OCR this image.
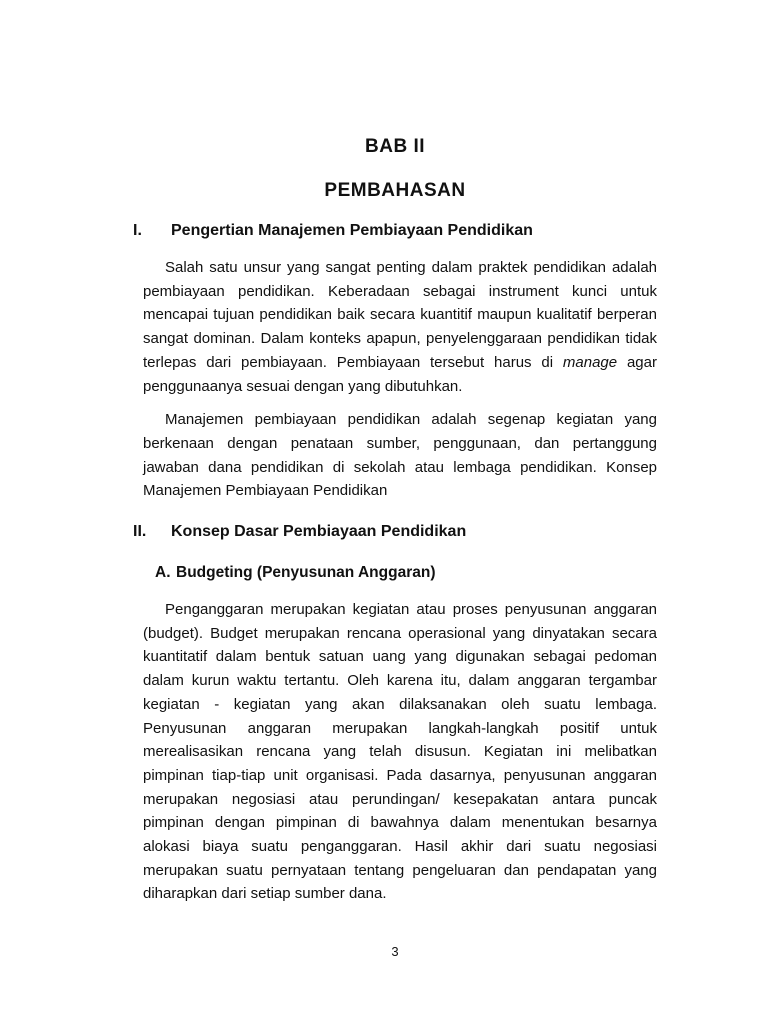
BAB II
PEMBAHASAN
I.	Pengertian Manajemen Pembiayaan Pendidikan

Salah satu unsur yang sangat penting dalam praktek pendidikan adalah pembiayaan pendidikan. Keberadaan sebagai instrument kunci untuk mencapai tujuan pendidikan baik secara kuantitif maupun kualitatif berperan sangat dominan. Dalam konteks apapun, penyelenggaraan pendidikan tidak terlepas dari pembiayaan. Pembiayaan tersebut harus di manage agar penggunaanya sesuai dengan yang dibutuhkan.

Manajemen pembiayaan pendidikan adalah segenap kegiatan yang berkenaan dengan penataan sumber, penggunaan, dan pertanggung jawaban dana pendidikan di sekolah atau lembaga pendidikan. Konsep Manajemen Pembiayaan Pendidikan

II.	Konsep Dasar Pembiayaan Pendidikan
A. Budgeting (Penyusunan Anggaran)

Penganggaran merupakan kegiatan atau proses penyusunan anggaran (budget). Budget merupakan rencana operasional yang dinyatakan secara kuantitatif dalam bentuk satuan uang yang digunakan sebagai pedoman dalam kurun waktu tertantu. Oleh karena itu, dalam anggaran tergambar kegiatan - kegiatan yang akan dilaksanakan oleh suatu lembaga. Penyusunan anggaran merupakan langkah-langkah positif untuk merealisasikan rencana yang telah disusun. Kegiatan ini melibatkan pimpinan tiap-tiap unit organisasi. Pada dasarnya, penyusunan anggaran merupakan negosiasi atau perundingan/ kesepakatan antara puncak pimpinan dengan pimpinan di bawahnya dalam menentukan besarnya alokasi biaya suatu penganggaran. Hasil akhir dari suatu negosiasi merupakan suatu pernyataan tentang pengeluaran dan pendapatan yang diharapkan dari setiap sumber dana.

3
